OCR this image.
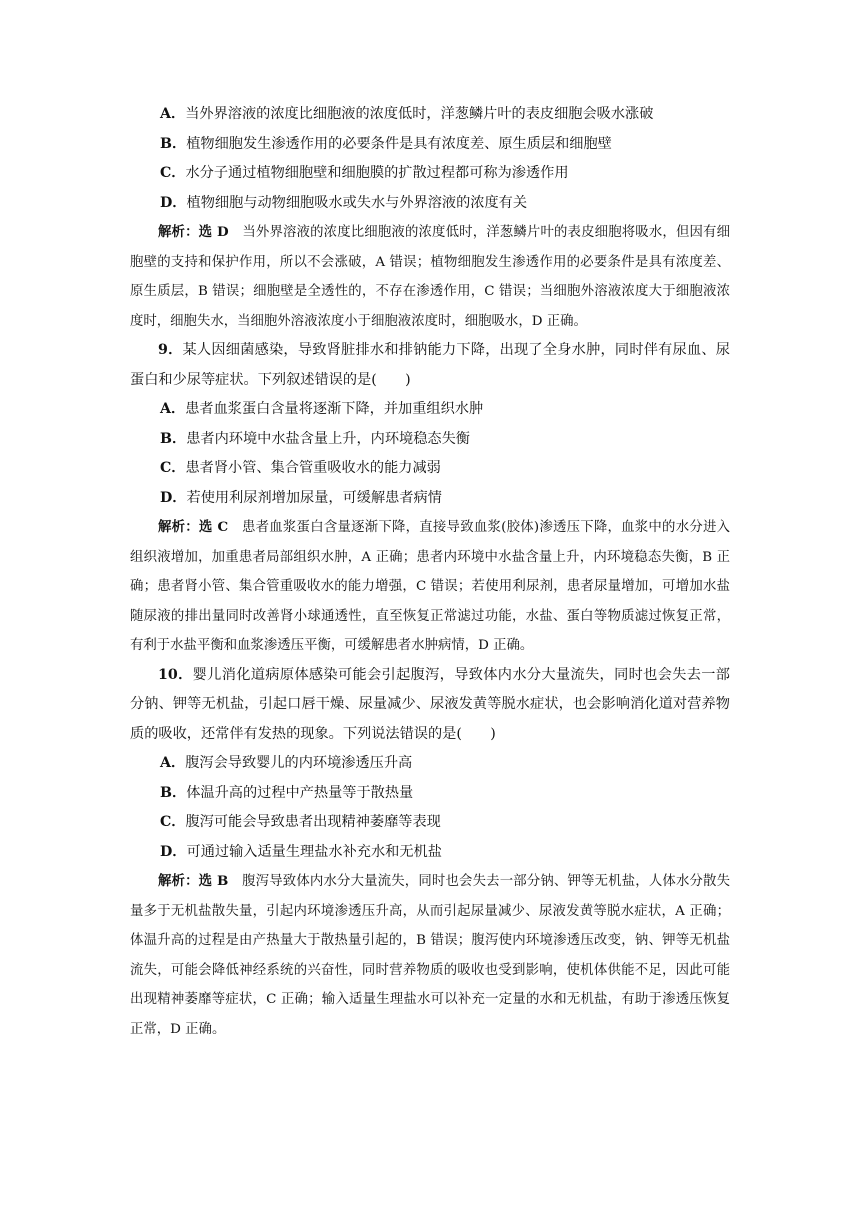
A．当外界溶液的浓度比细胞液的浓度低时，洋葱鳞片叶的表皮细胞会吸水涨破
B．植物细胞发生渗透作用的必要条件是具有浓度差、原生质层和细胞壁
C．水分子通过植物细胞壁和细胞膜的扩散过程都可称为渗透作用
D．植物细胞与动物细胞吸水或失水与外界溶液的浓度有关

解析：选 D　当外界溶液的浓度比细胞液的浓度低时，洋葱鳞片叶的表皮细胞将吸水，但因有细胞壁的支持和保护作用，所以不会涨破，A 错误；植物细胞发生渗透作用的必要条件是具有浓度差、原生质层，B 错误；细胞壁是全透性的，不存在渗透作用，C 错误；当细胞外溶液浓度大于细胞液浓度时，细胞失水，当细胞外溶液浓度小于细胞液浓度时，细胞吸水，D 正确。

9．某人因细菌感染，导致肾脏排水和排钠能力下降，出现了全身水肿，同时伴有尿血、尿蛋白和少尿等症状。下列叙述错误的是(　　)

A．患者血浆蛋白含量将逐渐下降，并加重组织水肿
B．患者内环境中水盐含量上升，内环境稳态失衡
C．患者肾小管、集合管重吸收水的能力减弱
D．若使用利尿剂增加尿量，可缓解患者病情

解析：选 C　患者血浆蛋白含量逐渐下降，直接导致血浆(胶体)渗透压下降，血浆中的水分进入组织液增加，加重患者局部组织水肿，A 正确；患者内环境中水盐含量上升，内环境稳态失衡，B 正确；患者肾小管、集合管重吸收水的能力增强，C 错误；若使用利尿剂，患者尿量增加，可增加水盐随尿液的排出量同时改善肾小球通透性，直至恢复正常滤过功能，水盐、蛋白等物质滤过恢复正常，有利于水盐平衡和血浆渗透压平衡，可缓解患者水肿病情，D 正确。

10．婴儿消化道病原体感染可能会引起腹泻，导致体内水分大量流失，同时也会失去一部分钠、钾等无机盐，引起口唇干燥、尿量减少、尿液发黄等脱水症状，也会影响消化道对营养物质的吸收，还常伴有发热的现象。下列说法错误的是(　　)

A．腹泻会导致婴儿的内环境渗透压升高
B．体温升高的过程中产热量等于散热量
C．腹泻可能会导致患者出现精神萎靡等表现
D．可通过输入适量生理盐水补充水和无机盐

解析：选 B　腹泻导致体内水分大量流失，同时也会失去一部分钠、钾等无机盐，人体水分散失量多于无机盐散失量，引起内环境渗透压升高，从而引起尿量减少、尿液发黄等脱水症状，A 正确；体温升高的过程是由产热量大于散热量引起的，B 错误；腹泻使内环境渗透压改变，钠、钾等无机盐流失，可能会降低神经系统的兴奋性，同时营养物质的吸收也受到影响，使机体供能不足，因此可能出现精神萎靡等症状，C 正确；输入适量生理盐水可以补充一定量的水和无机盐，有助于渗透压恢复正常，D 正确。
